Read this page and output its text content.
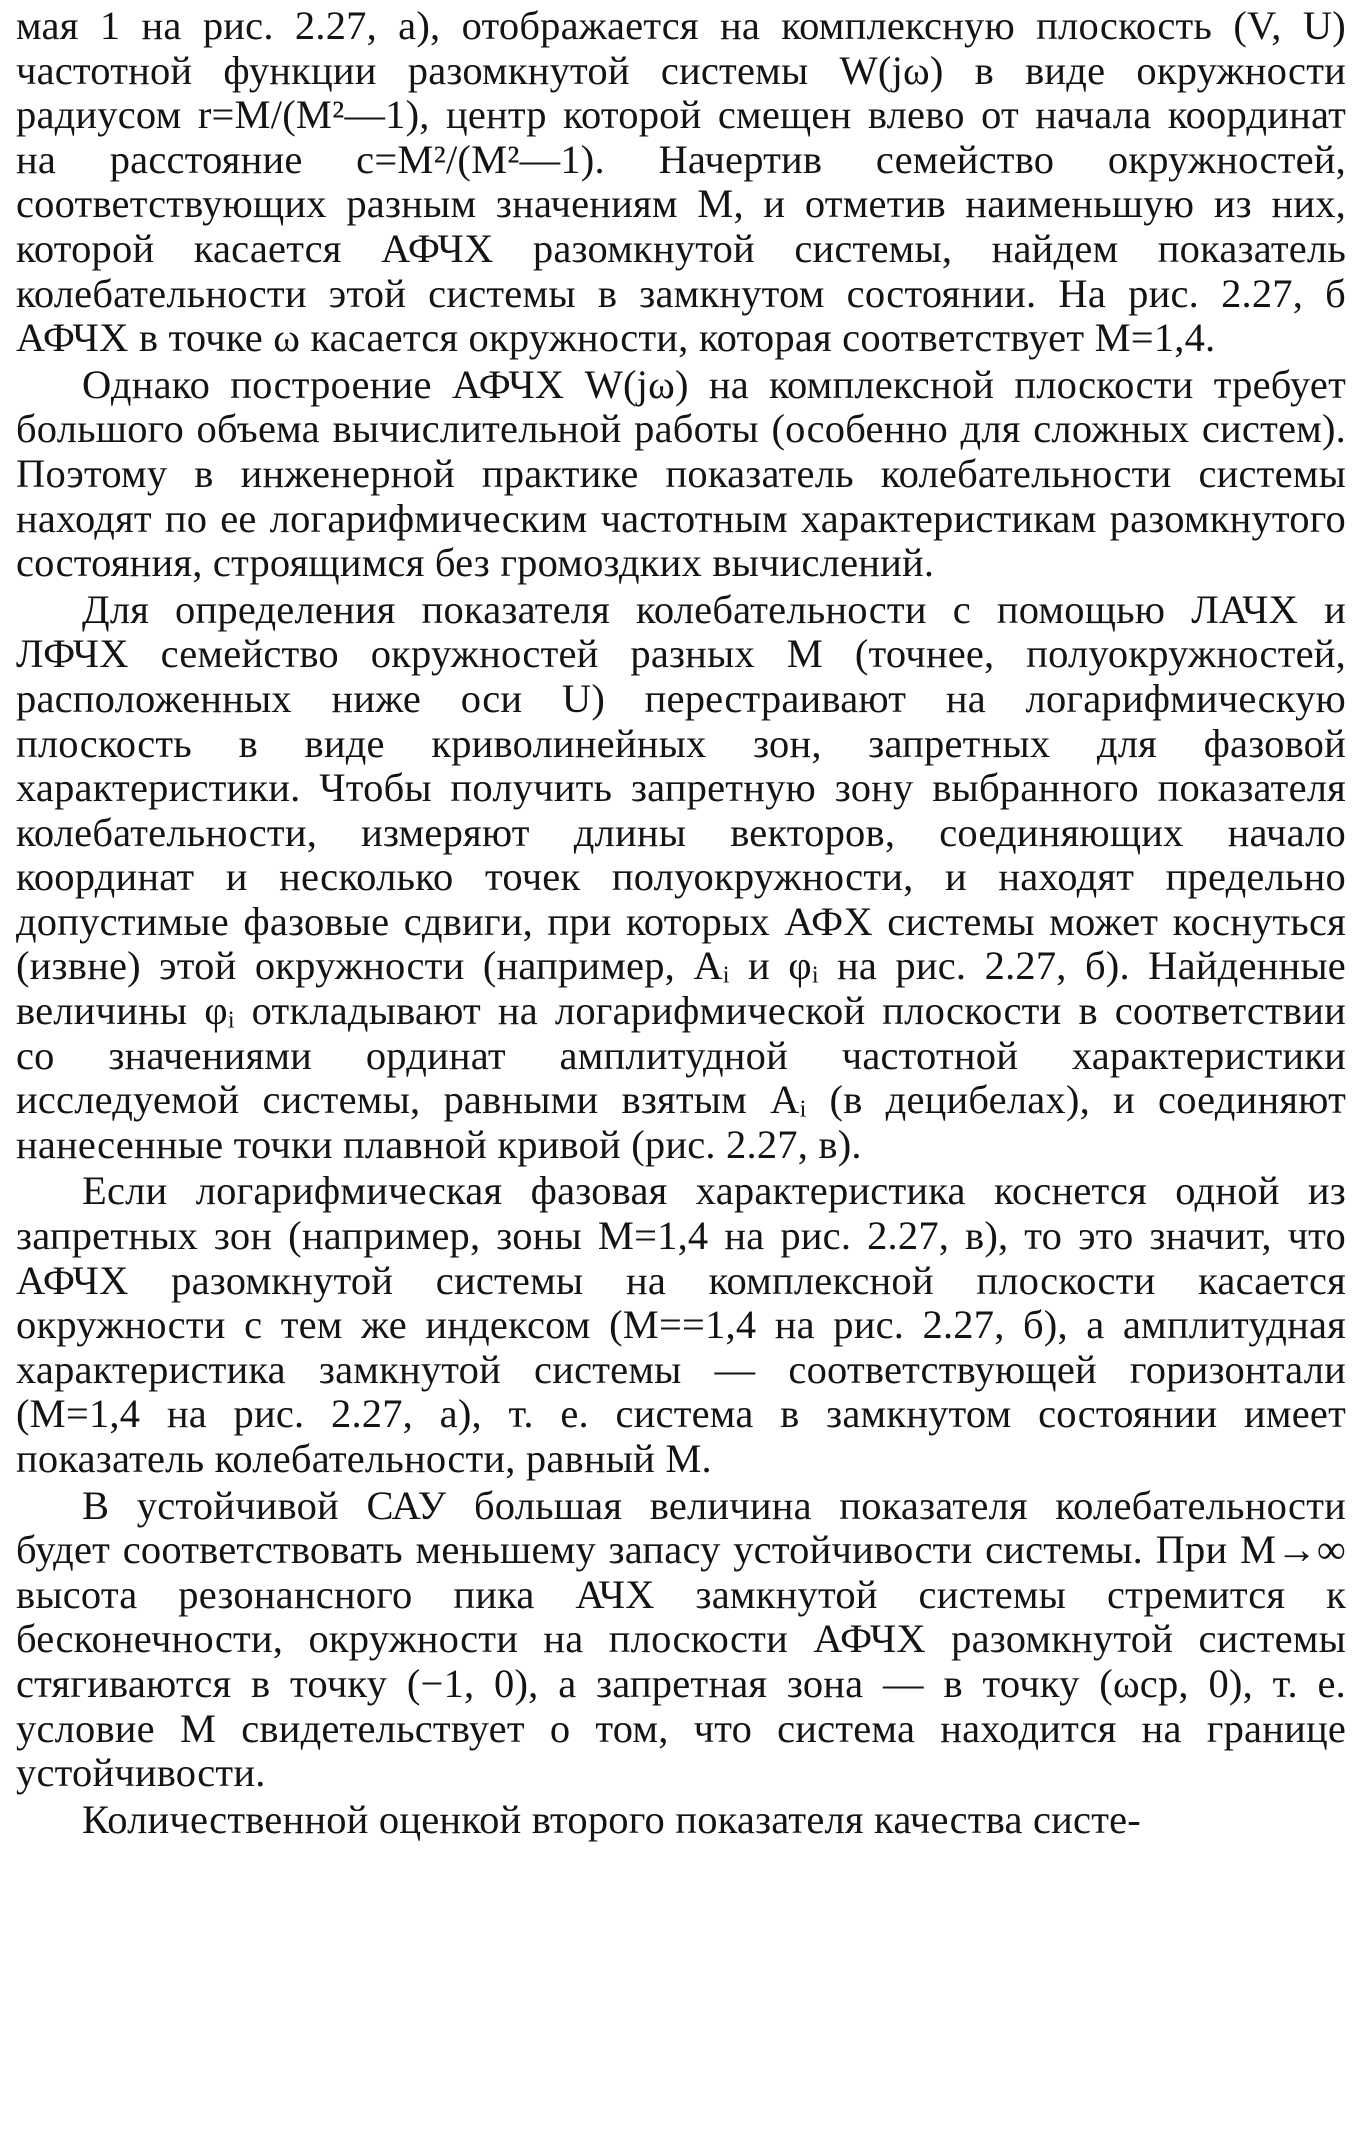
мая 1 на рис. 2.27, а), отображается на комплексную плоскость (V, U) частотной функции разомкнутой системы W(jω) в виде окружности радиусом r=M/(M²—1), центр которой смещен влево от начала координат на расстояние c=M²/(M²—1). Начертив семейство окружностей, соответствующих разным значениям M, и отметив наименьшую из них, которой касается АФЧХ разомкнутой системы, найдем показатель колебательности этой системы в замкнутом состоянии. На рис. 2.27, б АФЧХ в точке ω касается окружности, которая соответствует M=1,4.

Однако построение АФЧХ W(jω) на комплексной плоскости требует большого объема вычислительной работы (особенно для сложных систем). Поэтому в инженерной практике показатель колебательности системы находят по ее логарифмическим частотным характеристикам разомкнутого состояния, строящимся без громоздких вычислений.

Для определения показателя колебательности с помощью ЛАЧХ и ЛФЧХ семейство окружностей разных M (точнее, полуокружностей, расположенных ниже оси U) перестраивают на логарифмическую плоскость в виде криволинейных зон, запретных для фазовой характеристики. Чтобы получить запретную зону выбранного показателя колебательности, измеряют длины векторов, соединяющих начало координат и несколько точек полуокружности, и находят предельно допустимые фазовые сдвиги, при которых АФХ системы может коснуться (извне) этой окружности (например, Aᵢ и φᵢ на рис. 2.27, б). Найденные величины φᵢ откладывают на логарифмической плоскости в соответствии со значениями ординат амплитудной частотной характеристики исследуемой системы, равными взятым Aᵢ (в децибелах), и соединяют нанесенные точки плавной кривой (рис. 2.27, в).

Если логарифмическая фазовая характеристика коснется одной из запретных зон (например, зоны M=1,4 на рис. 2.27, в), то это значит, что АФЧХ разомкнутой системы на комплексной плоскости касается окружности с тем же индексом (M==1,4 на рис. 2.27, б), а амплитудная характеристика замкнутой системы — соответствующей горизонтали (M=1,4 на рис. 2.27, а), т. е. система в замкнутом состоянии имеет показатель колебательности, равный M.

В устойчивой САУ большая величина показателя колебательности будет соответствовать меньшему запасу устойчивости системы. При M→∞ высота резонансного пика АЧХ замкнутой системы стремится к бесконечности, окружности на плоскости АФЧХ разомкнутой системы стягиваются в точку (−1, 0), а запретная зона — в точку (ωср, 0), т. е. условие M свидетельствует о том, что система находится на границе устойчивости.

Количественной оценкой второго показателя качества систе-
